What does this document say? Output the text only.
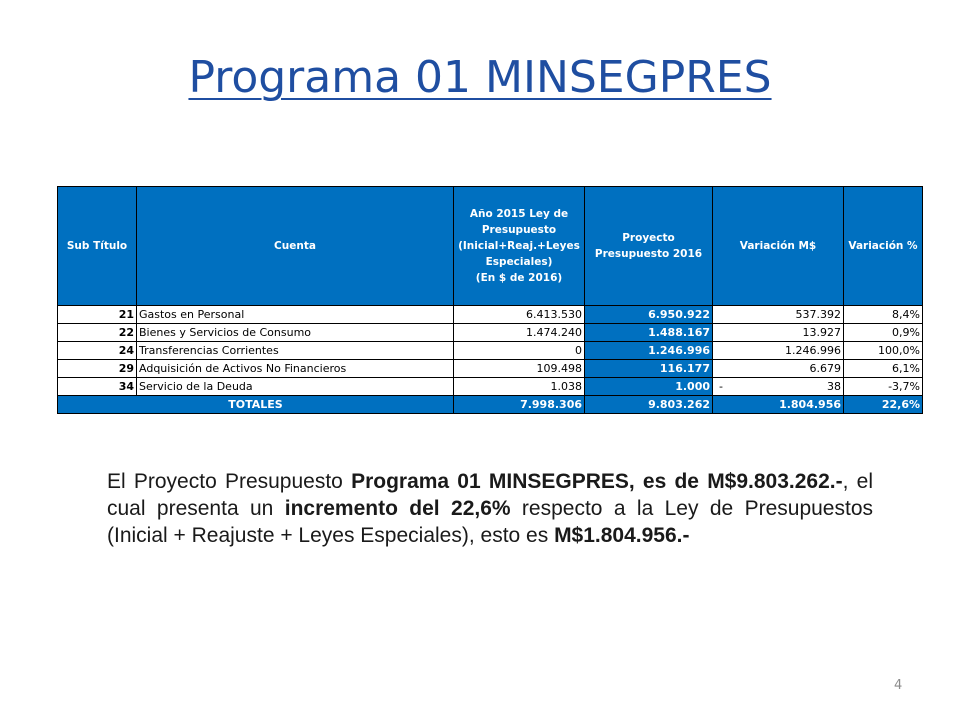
Programa 01 MINSEGPRES
Sub Título	Cuenta	Año 2015 Ley de Presupuesto (Inicial+Reaj.+Leyes Especiales)
(En $ de 2016)	Proyecto Presupuesto 2016	Variación M$	Variación %
21	Gastos en Personal	6.413.530	6.950.922	537.392	8,4%
22	Bienes y Servicios de Consumo	1.474.240	1.488.167	13.927	0,9%
24	Transferencias Corrientes	0	1.246.996	1.246.996	100,0%
29	Adquisición de Activos No Financieros	109.498	116.177	6.679	6,1%
34	Servicio de la Deuda	1.038	1.000	- 38	-3,7%
TOTALES		7.998.306	9.803.262	1.804.956	22,6%
El Proyecto Presupuesto Programa 01 MINSEGPRES, es de M$9.803.262.-, el cual presenta un incremento del 22,6% respecto a la Ley de Presupuestos (Inicial + Reajuste + Leyes Especiales), esto es M$1.804.956.-
4
